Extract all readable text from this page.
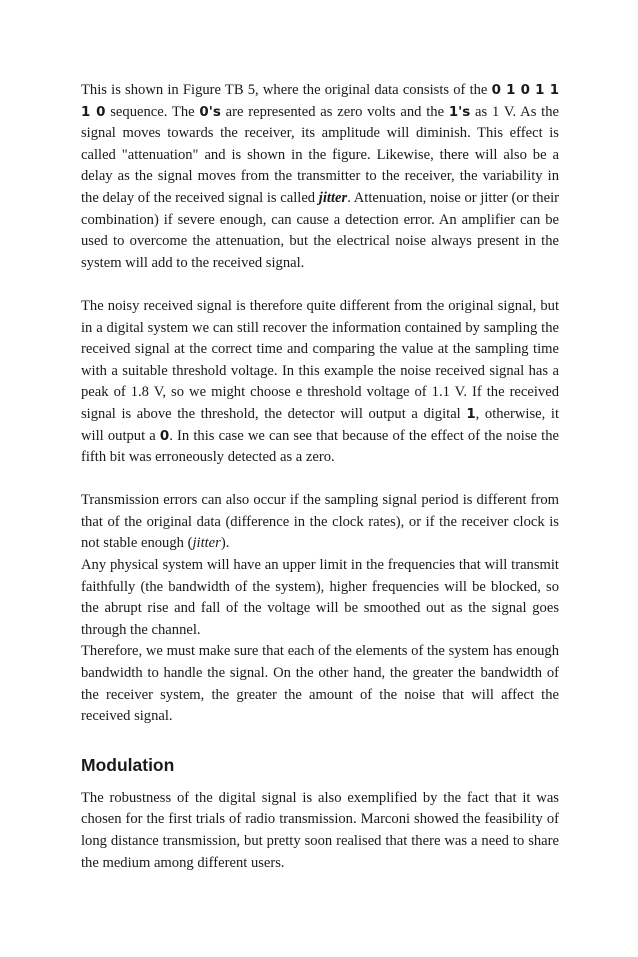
This is shown in Figure TB 5, where the original data consists of the 0 1 0 1 1 1 0 sequence. The 0's are represented as zero volts and the 1's as 1 V. As the signal moves towards the receiver, its amplitude will diminish. This effect is called "attenuation" and is shown in the figure. Likewise, there will also be a delay as the signal moves from the transmitter to the receiver, the variability in the delay of the received signal is called jitter. Attenuation, noise or jitter (or their combination) if severe enough, can cause a detection error. An amplifier can be used to overcome the attenuation, but the electrical noise always present in the system will add to the received signal.

The noisy received signal is therefore quite different from the original signal, but in a digital system we can still recover the information contained by sampling the received signal at the correct time and comparing the value at the sampling time with a suitable threshold voltage. In this example the noise received signal has a peak of 1.8 V, so we might choose e threshold voltage of 1.1 V. If the received signal is above the threshold, the detector will output a digital 1, otherwise, it will output a 0. In this case we can see that because of the effect of the noise the fifth bit was erroneously detected as a zero.

Transmission errors can also occur if the sampling signal period is different from that of the original data (difference in the clock rates), or if the receiver clock is not stable enough (jitter).

Any physical system will have an upper limit in the frequencies that will transmit faithfully (the bandwidth of the system), higher frequencies will be blocked, so the abrupt rise and fall of the voltage will be smoothed out as the signal goes through the channel.

Therefore, we must make sure that each of the elements of the system has enough bandwidth to handle the signal. On the other hand, the greater the bandwidth of the receiver system, the greater the amount of the noise that will affect the received signal.

Modulation

The robustness of the digital signal is also exemplified by the fact that it was chosen for the first trials of radio transmission. Marconi showed the feasibility of long distance transmission, but pretty soon realised that there was a need to share the medium among different users.
